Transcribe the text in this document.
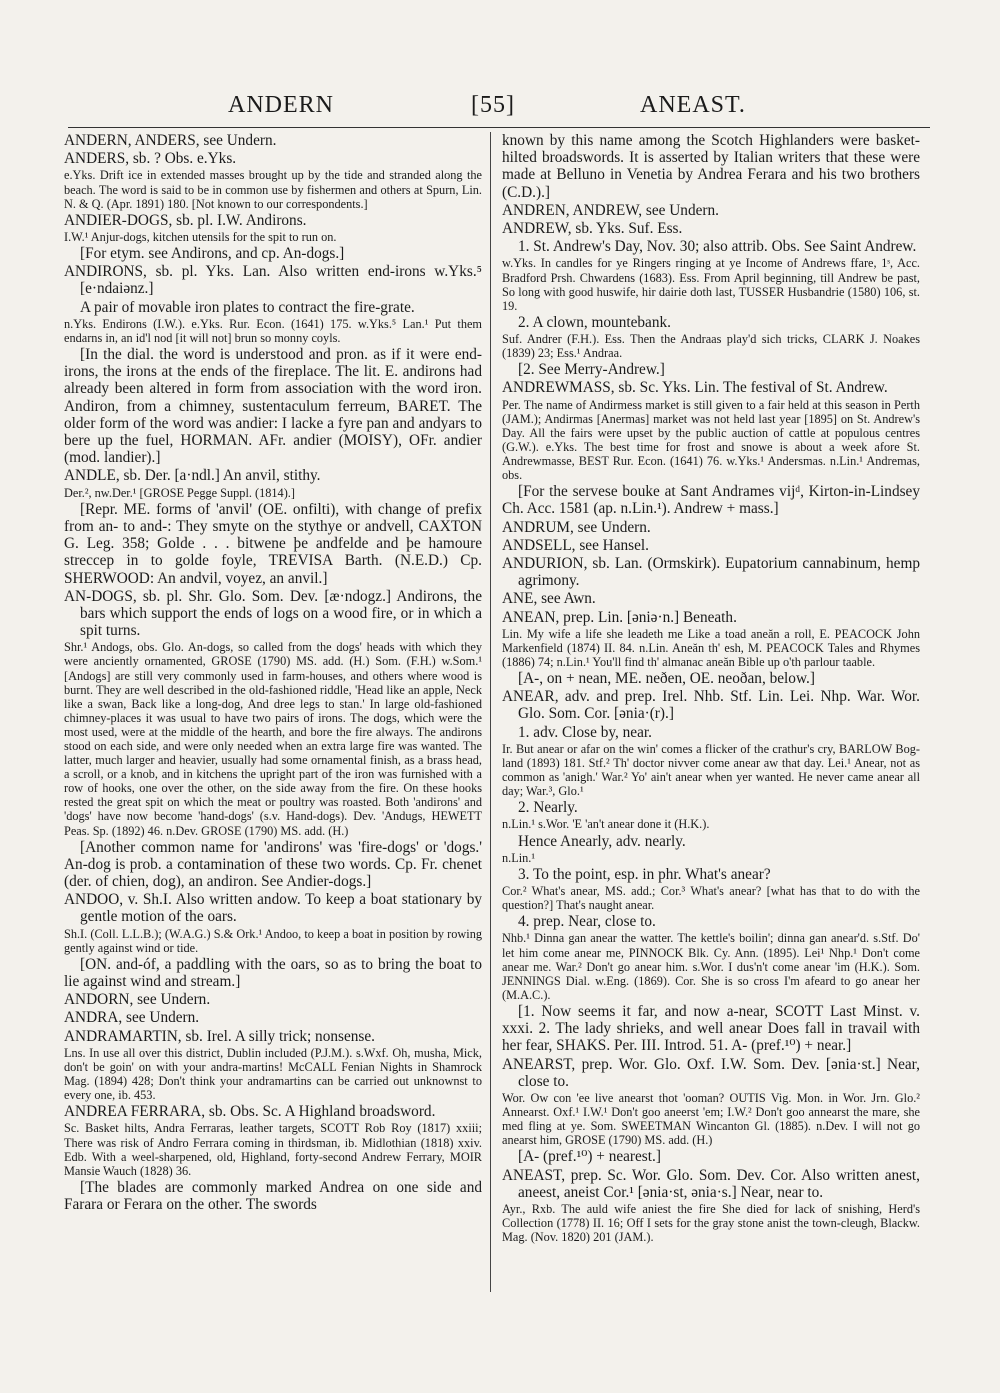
ANDERN	[55]	ANEAST.

ANDERN, ANDERS, see Undern.

ANDERS, sb. ? Obs. e.Yks.

e.Yks. Drift ice in extended masses brought up by the tide and stranded along the beach. The word is said to be in common use by fishermen and others at Spurn, Lin. N. & Q. (Apr. 1891) 180. [Not known to our correspondents.]

ANDIER-DOGS, sb. pl. I.W. Andirons.

I.W.¹ Anjur-dogs, kitchen utensils for the spit to run on.

[For etym. see Andirons, and cp. An-dogs.]

ANDIRONS, sb. pl. Yks. Lan. Also written end-irons w.Yks.⁵ [e·ndaiənz.]

A pair of movable iron plates to contract the fire-grate.

n.Yks. Endirons (I.W.). e.Yks. Rur. Econ. (1641) 175. w.Yks.⁵ Lan.¹ Put them endarns in, an id'l nod [it will not] brun so monny coyls.

[In the dial. the word is understood and pron. as if it were end-irons, the irons at the ends of the fireplace. The lit. E. andirons had already been altered in form from association with the word iron. Andiron, from a chimney, sustentaculum ferreum, BARET. The older form of the word was andier: I lacke a fyre pan and andyars to bere up the fuel, HORMAN. AFr. andier (MOISY), OFr. andier (mod. landier).]

ANDLE, sb. Der. [a·ndl.] An anvil, stithy.

Der.², nw.Der.¹ [GROSE Pegge Suppl. (1814).]

[Repr. ME. forms of 'anvil' (OE. onfilti), with change of prefix from an- to and-: They smyte on the stythye or andvell, CAXTON G. Leg. 358; Golde . . . bitwene þe andfelde and þe hamoure streccep in to golde foyle, TREVISA Barth. (N.E.D.) Cp. SHERWOOD: An andvil, voyez, an anvil.]

AN-DOGS, sb. pl. Shr. Glo. Som. Dev. [æ·ndogz.] Andirons, the bars which support the ends of logs on a wood fire, or in which a spit turns.

Shr.¹ Andogs, obs. Glo. An-dogs, so called from the dogs' heads with which they were anciently ornamented, GROSE (1790) MS. add. (H.) Som. (F.H.) w.Som.¹ [Andogs] are still very commonly used in farm-houses, and others where wood is burnt. They are well described in the old-fashioned riddle, 'Head like an apple, Neck like a swan, Back like a long-dog, And dree legs to stan.' In large old-fashioned chimney-places it was usual to have two pairs of irons. The dogs, which were the most used, were at the middle of the hearth, and bore the fire always. The andirons stood on each side, and were only needed when an extra large fire was wanted. The latter, much larger and heavier, usually had some ornamental finish, as a brass head, a scroll, or a knob, and in kitchens the upright part of the iron was furnished with a row of hooks, one over the other, on the side away from the fire. On these hooks rested the great spit on which the meat or poultry was roasted. Both 'andirons' and 'dogs' have now become 'hand-dogs' (s.v. Hand-dogs). Dev. 'Andugs, HEWETT Peas. Sp. (1892) 46. n.Dev. GROSE (1790) MS. add. (H.)

[Another common name for 'andirons' was 'fire-dogs' or 'dogs.' An-dog is prob. a contamination of these two words. Cp. Fr. chenet (der. of chien, dog), an andiron. See Andier-dogs.]

ANDOO, v. Sh.I. Also written andow. To keep a boat stationary by gentle motion of the oars.

Sh.I. (Coll. L.L.B.); (W.A.G.) S.& Ork.¹ Andoo, to keep a boat in position by rowing gently against wind or tide.

[ON. and-óf, a paddling with the oars, so as to bring the boat to lie against wind and stream.]

ANDORN, see Undern.

ANDRA, see Undern.

ANDRAMARTIN, sb. Irel. A silly trick; nonsense.

Lns. In use all over this district, Dublin included (P.J.M.). s.Wxf. Oh, musha, Mick, don't be goin' on with your andra-martins! McCALL Fenian Nights in Shamrock Mag. (1894) 428; Don't think your andramartins can be carried out unknownst to every one, ib. 453.

ANDREA FERRARA, sb. Obs. Sc. A Highland broadsword.

Sc. Basket hilts, Andra Ferraras, leather targets, SCOTT Rob Roy (1817) xxiii; There was risk of Andro Ferrara coming in thirdsman, ib. Midlothian (1818) xxiv. Edb. With a weel-sharpened, old, Highland, forty-second Andrew Ferrary, MOIR Mansie Wauch (1828) 36.

[The blades are commonly marked Andrea on one side and Farara or Ferara on the other. The swords

known by this name among the Scotch Highlanders were basket-hilted broadswords. It is asserted by Italian writers that these were made at Belluno in Venetia by Andrea Ferara and his two brothers (C.D.).]

ANDREN, ANDREW, see Undern.

ANDREW, sb. Yks. Suf. Ess.

1. St. Andrew's Day, Nov. 30; also attrib. Obs. See Saint Andrew.

w.Yks. In candles for ye Ringers ringing at ye Income of Andrews ffare, 1ˢ, Acc. Bradford Prsh. Chwardens (1683). Ess. From April beginning, till Andrew be past, So long with good huswife, hir dairie doth last, TUSSER Husbandrie (1580) 106, st. 19.

2. A clown, mountebank.

Suf. Andrer (F.H.). Ess. Then the Andraas play'd sich tricks, CLARK J. Noakes (1839) 23; Ess.¹ Andraa.

[2. See Merry-Andrew.]

ANDREWMASS, sb. Sc. Yks. Lin. The festival of St. Andrew.

Per. The name of Andirmess market is still given to a fair held at this season in Perth (JAM.); Andirmas [Anermas] market was not held last year [1895] on St. Andrew's Day. All the fairs were upset by the public auction of cattle at populous centres (G.W.). e.Yks. The best time for frost and snowe is about a week afore St. Andrewmasse, BEST Rur. Econ. (1641) 76. w.Yks.¹ Andersmas. n.Lin.¹ Andremas, obs.

[For the servese bouke at Sant Andrames vijᵈ, Kirton-in-Lindsey Ch. Acc. 1581 (ap. n.Lin.¹). Andrew + mass.]

ANDRUM, see Undern.

ANDSELL, see Hansel.

ANDURION, sb. Lan. (Ormskirk). Eupatorium cannabinum, hemp agrimony.

ANE, see Awn.

ANEAN, prep. Lin. [əniə·n.] Beneath.

Lin. My wife a life she leadeth me Like a toad aneăn a roll, E. PEACOCK John Markenfield (1874) II. 84. n.Lin. Aneăn th' esh, M. PEACOCK Tales and Rhymes (1886) 74; n.Lin.¹ You'll find th' almanac aneăn Bible up o'th parlour taable.

[A-, on + nean, ME. neðen, OE. neoðan, below.]

ANEAR, adv. and prep. Irel. Nhb. Stf. Lin. Lei. Nhp. War. Wor. Glo. Som. Cor. [ənia·(r).]

1. adv. Close by, near.

Ir. But anear or afar on the win' comes a flicker of the crathur's cry, BARLOW Bog-land (1893) 181. Stf.² Th' doctor nivver come anear aw that day. Lei.¹ Anear, not as common as 'anigh.' War.² Yo' ain't anear when yer wanted. He never came anear all day; War.³, Glo.¹

2. Nearly.

n.Lin.¹ s.Wor. 'E 'an't anear done it (H.K.).

Hence Anearly, adv. nearly.

n.Lin.¹

3. To the point, esp. in phr. What's anear?

Cor.² What's anear, MS. add.; Cor.³ What's anear? [what has that to do with the question?] That's naught anear.

4. prep. Near, close to.

Nhb.¹ Dinna gan anear the watter. The kettle's boilin'; dinna gan anear'd. s.Stf. Do' let him come anear me, PINNOCK Blk. Cy. Ann. (1895). Lei¹ Nhp.¹ Don't come anear me. War.² Don't go anear him. s.Wor. I dus'n't come anear 'im (H.K.). Som. JENNINGS Dial. w.Eng. (1869). Cor. She is so cross I'm afeard to go anear her (M.A.C.).

[1. Now seems it far, and now a-near, SCOTT Last Minst. v. xxxi. 2. The lady shrieks, and well anear Does fall in travail with her fear, SHAKS. Per. III. Introd. 51. A- (pref.¹⁰) + near.]

ANEARST, prep. Wor. Glo. Oxf. I.W. Som. Dev. [ənia·st.] Near, close to.

Wor. Ow con 'ee live anearst thot 'ooman? OUTIS Vig. Mon. in Wor. Jrn. Glo.² Annearst. Oxf.¹ I.W.¹ Don't goo aneerst 'em; I.W.² Don't goo annearst the mare, she med fling at ye. Som. SWEETMAN Wincanton Gl. (1885). n.Dev. I will not go anearst him, GROSE (1790) MS. add. (H.)

[A- (pref.¹⁰) + nearest.]

ANEAST, prep. Sc. Wor. Glo. Som. Dev. Cor. Also written anest, aneest, aneist Cor.¹ [ənia·st, ənia·s.] Near, near to.

Ayr., Rxb. The auld wife aniest the fire She died for lack of snishing, Herd's Collection (1778) II. 16; Off I sets for the gray stone anist the town-cleugh, Blackw. Mag. (Nov. 1820) 201 (JAM.).
